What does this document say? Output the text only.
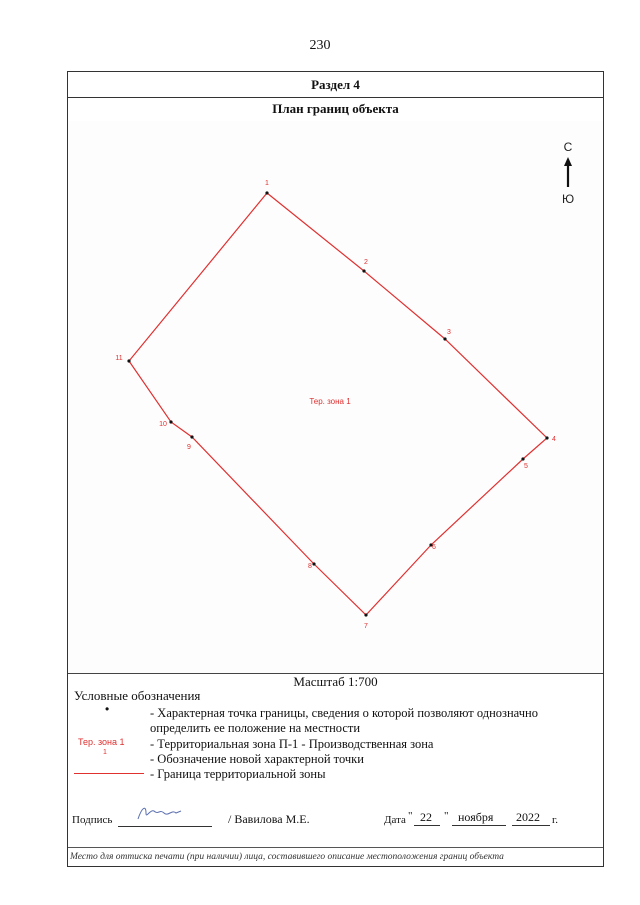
230
Раздел 4
План границ объекта
С
Ю
Тер. зона 1
1
2
3
4
5
6
7
8
9
10
11
Масштаб 1:700
Условные обозначения
•	- Характерная точка границы, сведения о которой позволяют однозначно
определить ее положение на местности
Тер. зона 1
1
- Территориальная зона П-1 - Производственная зона
- Обозначение новой характерной точки
- Граница территориальной зоны
Подпись	/ Вавилова М.Е.	Дата " 22 " ноября 2022 г.
Место для оттиска печати (при наличии) лица, составившего описание местоположения границ объекта
